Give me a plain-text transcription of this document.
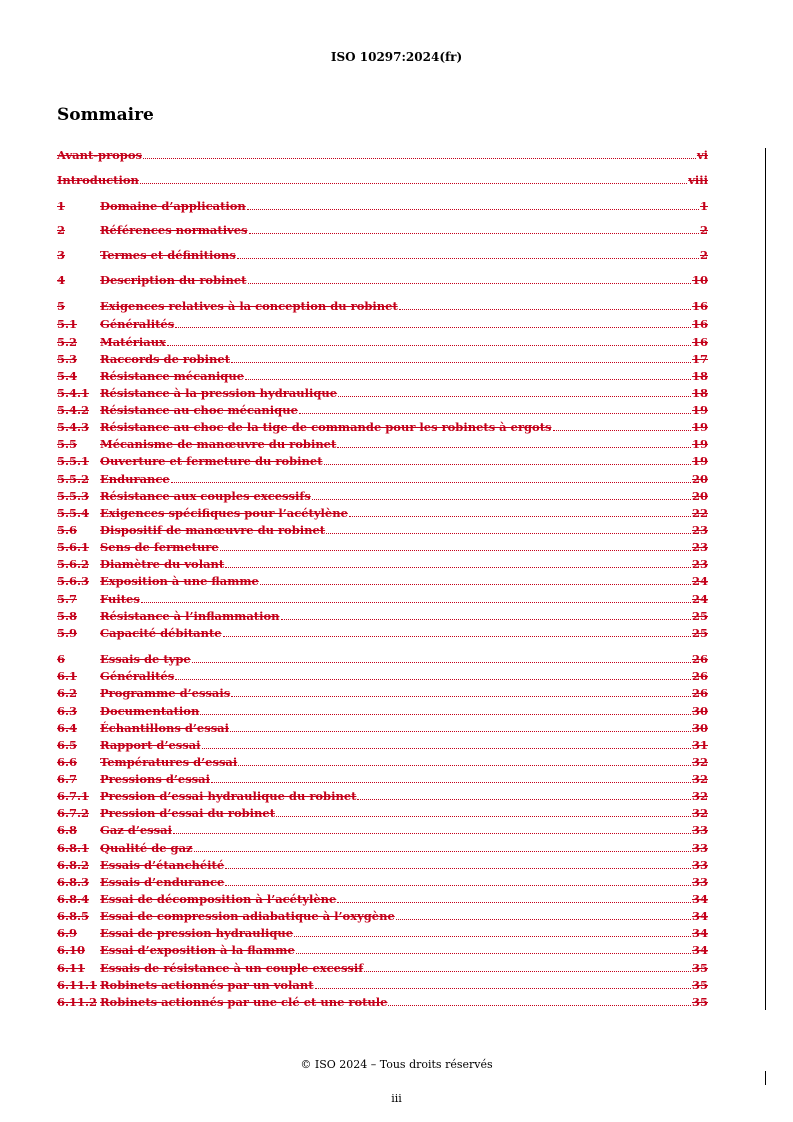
ISO 10297:2024(fr)
Sommaire
Avant-propos	vi
Introduction	viii
1	Domaine d’application	1
2	Références normatives	2
3	Termes et définitions	2
4	Description du robinet	10
5	Exigences relatives à la conception du robinet	16
5.1	Généralités	16
5.2	Matériaux	16
5.3	Raccords de robinet	17
5.4	Résistance mécanique	18
5.4.1 Résistance à la pression hydraulique	18
5.4.2 Résistance au choc mécanique	19
5.4.3 Résistance au choc de la tige de commande pour les robinets à ergots	19
5.5	Mécanisme de manœuvre du robinet	19
5.5.1 Ouverture et fermeture du robinet	19
5.5.2 Endurance	20
5.5.3 Résistance aux couples excessifs	20
5.5.4 Exigences spécifiques pour l’acétylène	22
5.6	Dispositif de manœuvre du robinet	23
5.6.1 Sens de fermeture	23
5.6.2 Diamètre du volant	23
5.6.3 Exposition à une flamme	24
5.7	Fuites	24
5.8	Résistance à l’inflammation	25
5.9	Capacité débitante	25
6	Essais de type	26
6.1	Généralités	26
6.2	Programme d’essais	26
6.3	Documentation	30
6.4	Échantillons d’essai	30
6.5	Rapport d’essai	31
6.6	Températures d’essai	32
6.7	Pressions d’essai	32
6.7.1 Pression d’essai hydraulique du robinet	32
6.7.2 Pression d’essai du robinet	32
6.8	Gaz d’essai	33
6.8.1 Qualité de gaz	33
6.8.2 Essais d’étanchéité	33
6.8.3 Essais d’endurance	33
6.8.4 Essai de décomposition à l’acétylène	34
6.8.5 Essai de compression adiabatique à l’oxygène	34
6.9	Essai de pression hydraulique	34
6.10	Essai d’exposition à la flamme	34
6.11	Essais de résistance à un couple excessif	35
6.11.1 Robinets actionnés par un volant	35
6.11.2 Robinets actionnés par une clé et une rotule	35
© ISO 2024 – Tous droits réservés
iii
